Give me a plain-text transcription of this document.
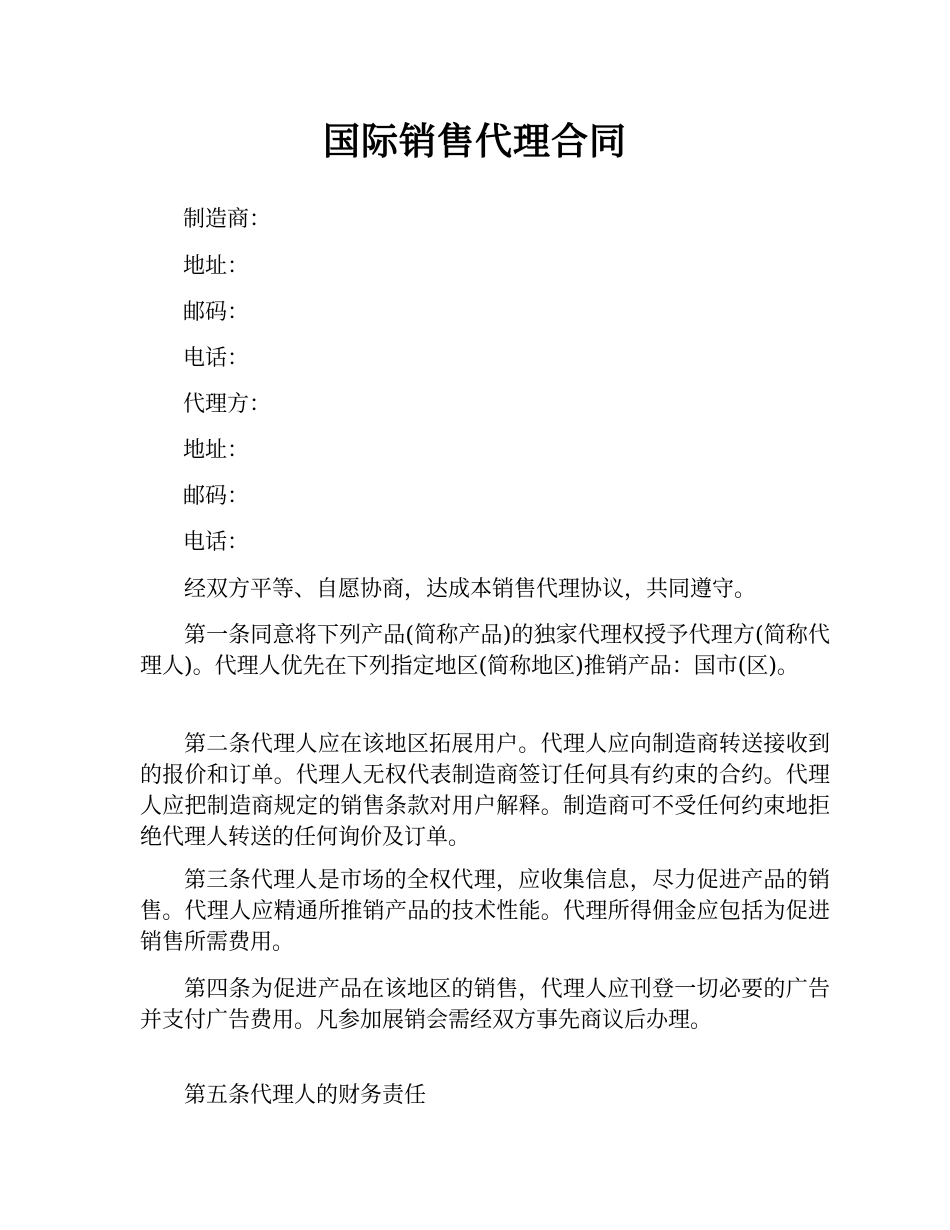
国际销售代理合同

制造商：

地址：

邮码：

电话：

代理方：

地址：

邮码：

电话：

经双方平等、自愿协商，达成本销售代理协议，共同遵守。

第一条同意将下列产品(简称产品)的独家代理权授予代理方(简称代理人)。代理人优先在下列指定地区(简称地区)推销产品：国市(区)。

第二条代理人应在该地区拓展用户。代理人应向制造商转送接收到的报价和订单。代理人无权代表制造商签订任何具有约束的合约。代理人应把制造商规定的销售条款对用户解释。制造商可不受任何约束地拒绝代理人转送的任何询价及订单。

第三条代理人是市场的全权代理，应收集信息，尽力促进产品的销售。代理人应精通所推销产品的技术性能。代理所得佣金应包括为促进销售所需费用。

第四条为促进产品在该地区的销售，代理人应刊登一切必要的广告并支付广告费用。凡参加展销会需经双方事先商议后办理。

第五条代理人的财务责任
